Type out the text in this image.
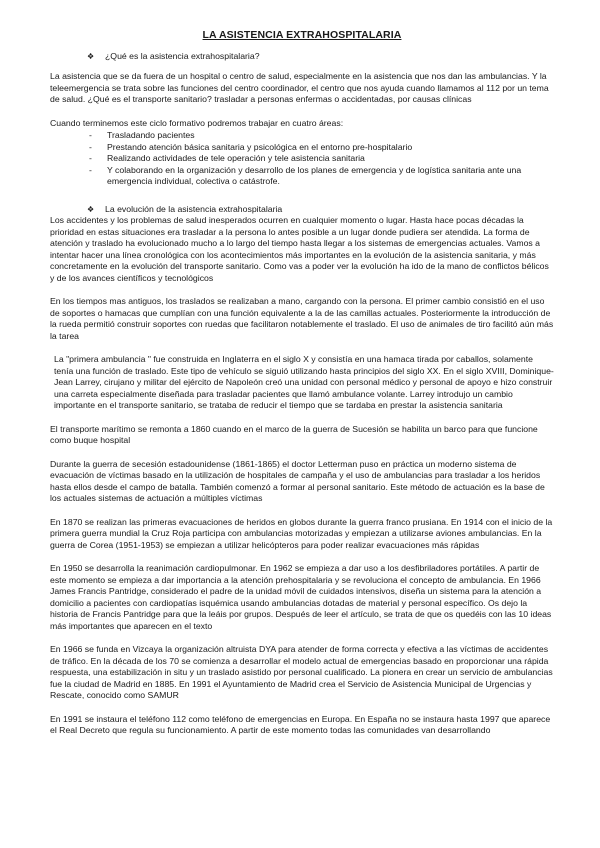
LA ASISTENCIA EXTRAHOSPITALARIA
❖	¿Qué es la asistencia extrahospitalaria?

La asistencia que se da fuera de un hospital o centro de salud, especialmente en la asistencia que nos dan las ambulancias. Y la teleemergencia se trata sobre las funciones del centro coordinador, el centro que nos ayuda cuando llamamos al 112 por un tema de salud. ¿Qué es el transporte sanitario? trasladar a personas enfermas o accidentadas, por causas clínicas

Cuando terminemos este ciclo formativo podremos trabajar en cuatro áreas:
-	Trasladando pacientes
-	Prestando atención básica sanitaria y psicológica en el entorno pre-hospitalario
-	Realizando actividades de tele operación y tele asistencia sanitaria
-	Y colaborando en la organización y desarrollo de los planes de emergencia y de logística sanitaria ante una emergencia individual, colectiva o catástrofe.
❖	La evolución de la asistencia extrahospitalaria

Los accidentes y los problemas de salud inesperados ocurren en cualquier momento o lugar. Hasta hace pocas décadas la prioridad en estas situaciones era trasladar a la persona lo antes posible a un lugar donde pudiera ser atendida. La forma de atención y traslado ha evolucionado mucho a lo largo del tiempo hasta llegar a los sistemas de emergencias actuales. Vamos a intentar hacer una línea cronológica con los acontecimientos más importantes en la evolución de la asistencia sanitaria, y más concretamente en la evolución del transporte sanitario. Como vas a poder ver la evolución ha ido de la mano de conflictos bélicos y de los avances científicos y tecnológicos

En los tiempos mas antiguos, los traslados se realizaban a mano, cargando con la persona. El primer cambio consistió en el uso de soportes o hamacas que cumplían con una función equivalente a la de las camillas actuales. Posteriormente la introducción de la rueda permitió construir soportes con ruedas que facilitaron notablemente el traslado. El uso de animales de tiro facilitó aún más la tarea

La "primera ambulancia " fue construida en Inglaterra en el siglo X y consistía en una hamaca tirada por caballos, solamente tenía una función de traslado. Este tipo de vehículo se siguió utilizando hasta principios del siglo XX. En el siglo XVIII, Dominique-Jean Larrey, cirujano y militar del ejército de Napoleón creó una unidad con personal médico y personal de apoyo e hizo construir una carreta especialmente diseñada para trasladar pacientes que llamó ambulance volante. Larrey introdujo un cambio importante en el transporte sanitario, se trataba de reducir el tiempo que se tardaba en prestar la asistencia sanitaria

El transporte marítimo se remonta a 1860 cuando en el marco de la guerra de Sucesión se habilita un barco para que funcione como buque hospital

Durante la guerra de secesión estadounidense (1861-1865) el doctor Letterman puso en práctica un moderno sistema de evacuación de víctimas basado en la utilización de hospitales de campaña y el uso de ambulancias para trasladar a los heridos hasta ellos desde el campo de batalla. También comenzó a formar al personal sanitario. Este método de actuación es la base de los actuales sistemas de actuación a múltiples víctimas

En 1870 se realizan las primeras evacuaciones de heridos en globos durante la guerra franco prusiana. En 1914 con el inicio de la primera guerra mundial la Cruz Roja participa con ambulancias motorizadas y empiezan a utilizarse aviones ambulancias. En la guerra de Corea (1951-1953) se empiezan a utilizar helicópteros para poder realizar evacuaciones más rápidas

En 1950 se desarrolla la reanimación cardiopulmonar. En 1962 se empieza a dar uso a los desfibriladores portátiles. A partir de este momento se empieza a dar importancia a la atención prehospitalaria y se revoluciona el concepto de ambulancia. En 1966 James Francis Pantridge, considerado el padre de la unidad móvil de cuidados intensivos, diseña un sistema para la atención a domicilio a pacientes con cardiopatías isquémica usando ambulancias dotadas de material y personal específico. Os dejo la historia de Francis Pantridge para que la leáis por grupos. Después de leer el artículo, se trata de que os quedéis con las 10 ideas más importantes que aparecen en el texto

En 1966 se funda en Vizcaya la organización altruista DYA para atender de forma correcta y efectiva a las víctimas de accidentes de tráfico. En la década de los 70 se comienza a desarrollar el modelo actual de emergencias basado en proporcionar una rápida respuesta, una estabilización in situ y un traslado asistido por personal cualificado. La pionera en crear un servicio de ambulancias fue la ciudad de Madrid en 1885. En 1991 el Ayuntamiento de Madrid crea el Servicio de Asistencia Municipal de Urgencias y Rescate, conocido como SAMUR

En 1991 se instaura el teléfono 112 como teléfono de emergencias en Europa. En España no se instaura hasta 1997 que aparece el Real Decreto que regula su funcionamiento. A partir de este momento todas las comunidades van desarrollando
